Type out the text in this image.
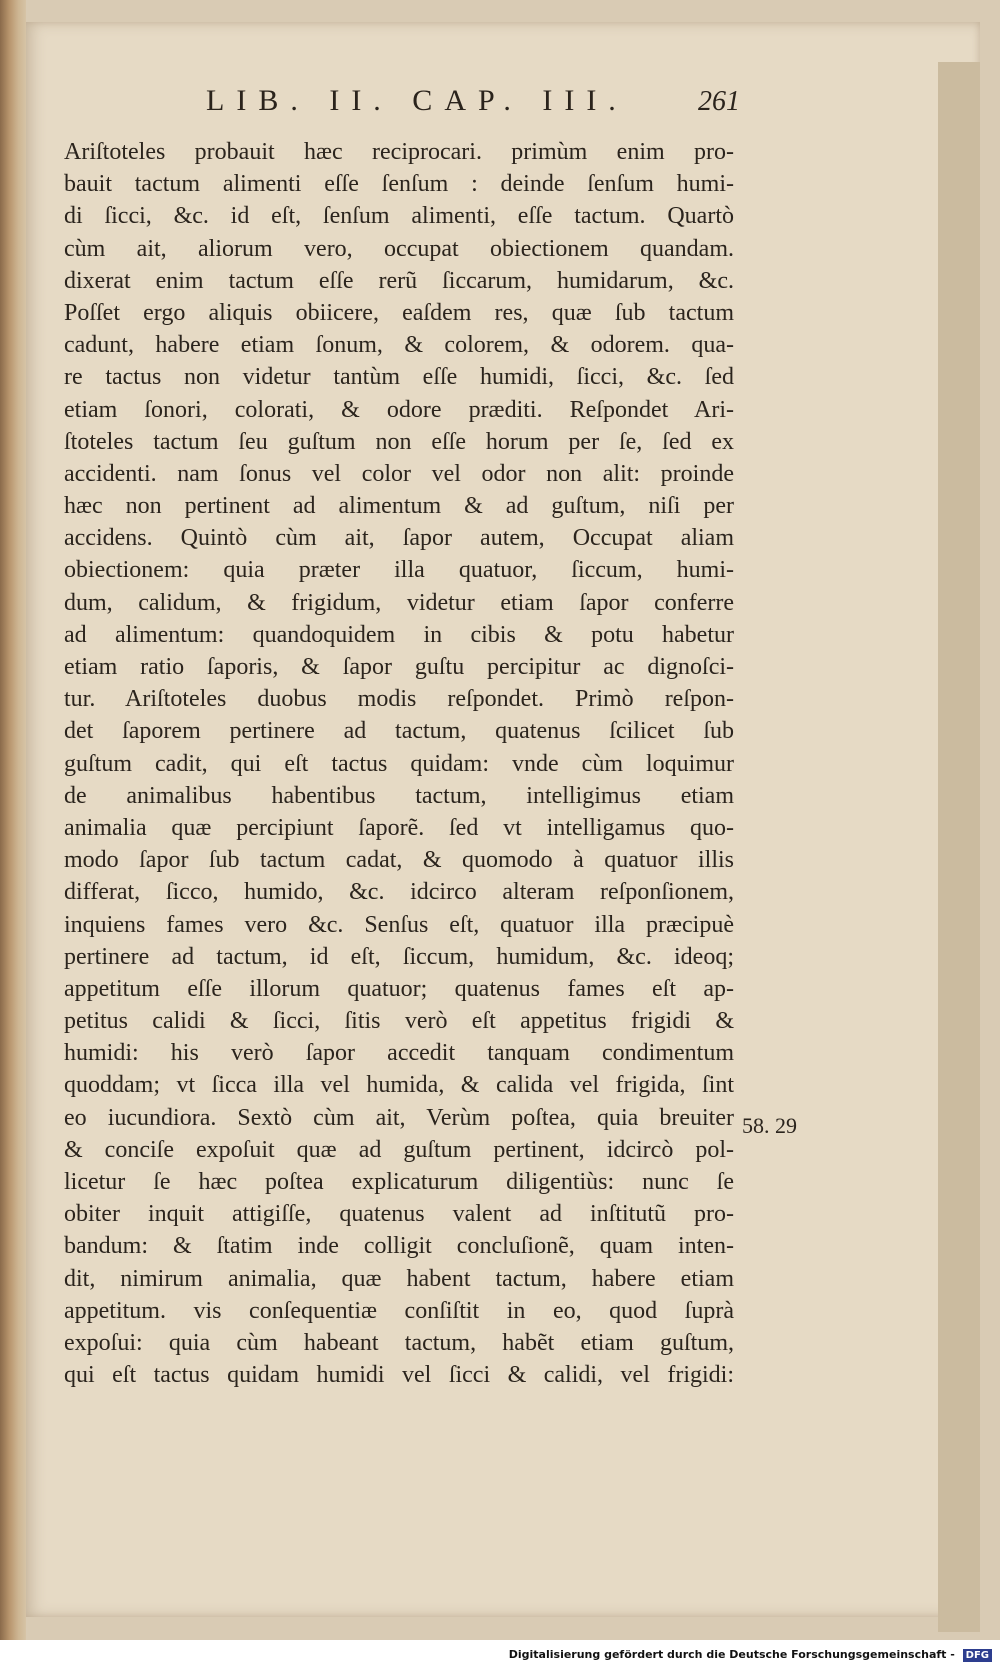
LIB. II. CAP. III.	261
Ariſtoteles probauit hæc reciprocari. primùm enim pro-
bauit tactum alimenti eſſe ſenſum : deinde ſenſum humi-
di ſicci, &c. id eſt, ſenſum alimenti, eſſe tactum. Quartò
cùm ait, aliorum vero, occupat obiectionem quandam.
dixerat enim tactum eſſe rerũ ſiccarum, humidarum, &c.
Poſſet ergo aliquis obiicere, eaſdem res, quæ ſub tactum
cadunt, habere etiam ſonum, & colorem, & odorem. qua-
re tactus non videtur tantùm eſſe humidi, ſicci, &c. ſed
etiam ſonori, colorati, & odore præditi. Reſpondet Ari-
ſtoteles tactum ſeu guſtum non eſſe horum per ſe, ſed ex
accidenti. nam ſonus vel color vel odor non alit: proinde
hæc non pertinent ad alimentum & ad guſtum, niſi per
accidens. Quintò cùm ait, ſapor autem, Occupat aliam
obiectionem: quia præter illa quatuor, ſiccum, humi-
dum, calidum, & frigidum, videtur etiam ſapor conferre
ad alimentum: quandoquidem in cibis & potu habetur
etiam ratio ſaporis, & ſapor guſtu percipitur ac dignoſci-
tur. Ariſtoteles duobus modis reſpondet. Primò reſpon-
det ſaporem pertinere ad tactum, quatenus ſcilicet ſub
guſtum cadit, qui eſt tactus quidam: vnde cùm loquimur
de animalibus habentibus tactum, intelligimus etiam
animalia quæ percipiunt ſaporẽ. ſed vt intelligamus quo-
modo ſapor ſub tactum cadat, & quomodo à quatuor illis
differat, ſicco, humido, &c. idcirco alteram reſponſionem,
inquiens fames vero &c. Senſus eſt, quatuor illa præcipuè
pertinere ad tactum, id eſt, ſiccum, humidum, &c. ideoq;
appetitum eſſe illorum quatuor; quatenus fames eſt ap-
petitus calidi & ſicci, ſitis verò eſt appetitus frigidi &
humidi: his verò ſapor accedit tanquam condimentum
quoddam; vt ſicca illa vel humida, & calida vel frigida, ſint
eo iucundiora. Sextò cùm ait, Verùm poſtea, quia breuiter
& conciſe expoſuit quæ ad guſtum pertinent, idcircò pol-
licetur ſe hæc poſtea explicaturum diligentiùs: nunc ſe
obiter inquit attigiſſe, quatenus valent ad inſtitutũ pro-
bandum: & ſtatim inde colligit concluſionẽ, quam inten-
dit, nimirum animalia, quæ habent tactum, habere etiam
appetitum. vis conſequentiæ conſiſtit in eo, quod ſuprà
expoſui: quia cùm habeant tactum, habẽt etiam guſtum,
qui eſt tactus quidam humidi vel ſicci & calidi, vel frigidi:
58. 29
Digitalisierung gefördert durch die Deutsche Forschungsgemeinschaft - DFG
